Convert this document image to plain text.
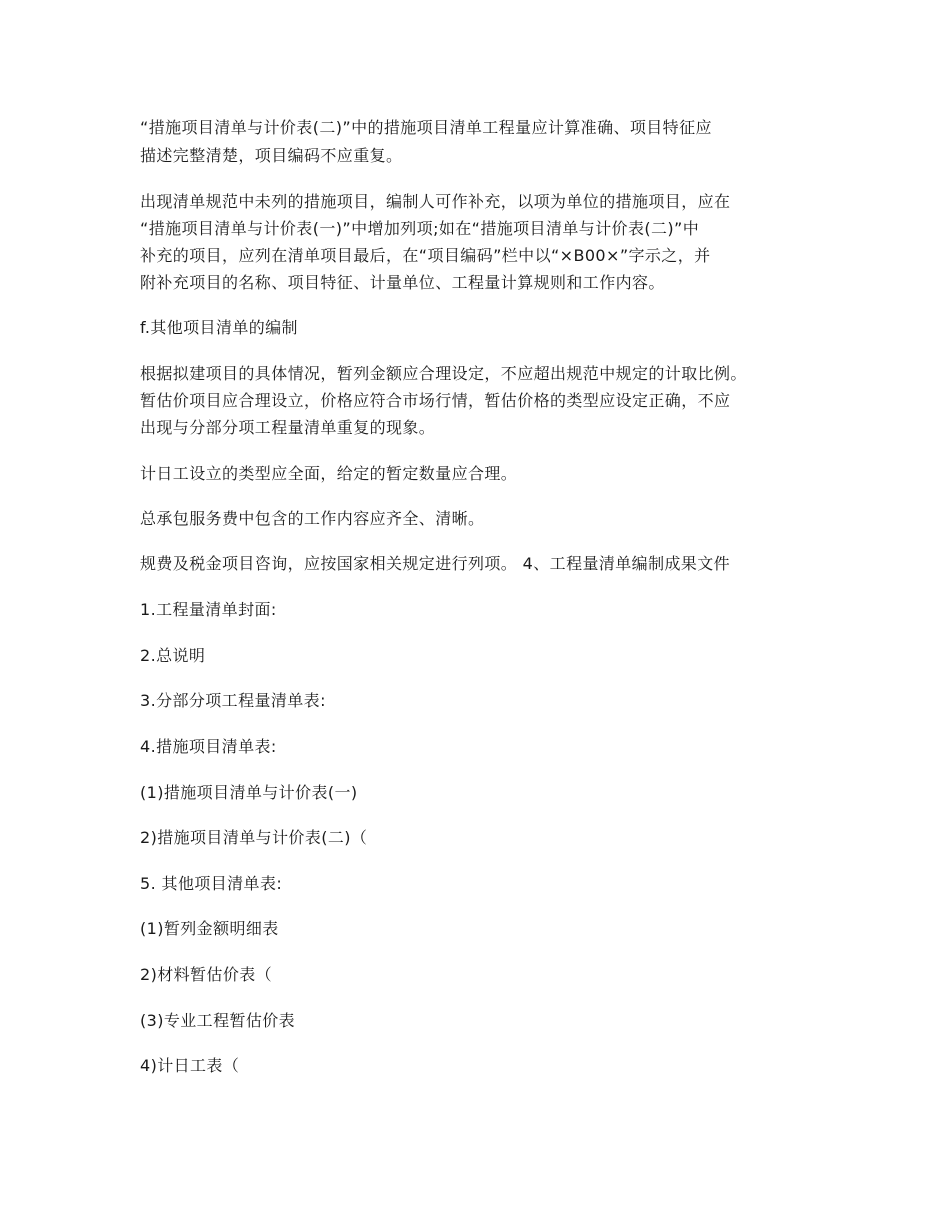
“措施项目清单与计价表(二)”中的措施项目清单工程量应计算准确、项目特征应
描述完整清楚，项目编码不应重复。
出现清单规范中未列的措施项目，编制人可作补充，以项为单位的措施项目，应在
“措施项目清单与计价表(一)”中增加列项;如在“措施项目清单与计价表(二)”中
补充的项目，应列在清单项目最后，在“项目编码”栏中以“×B00×”字示之，并
附补充项目的名称、项目特征、计量单位、工程量计算规则和工作内容。
f.其他项目清单的编制
根据拟建项目的具体情况，暂列金额应合理设定，不应超出规范中规定的计取比例。
暂估价项目应合理设立，价格应符合市场行情，暂估价格的类型应设定正确，不应
出现与分部分项工程量清单重复的现象。
计日工设立的类型应全面，给定的暂定数量应合理。
总承包服务费中包含的工作内容应齐全、清晰。
规费及税金项目咨询，应按国家相关规定进行列项。 4、工程量清单编制成果文件
1.工程量清单封面:
2.总说明
3.分部分项工程量清单表:
4.措施项目清单表:
(1)措施项目清单与计价表(一)
2)措施项目清单与计价表(二)（
5. 其他项目清单表:
(1)暂列金额明细表
2)材料暂估价表（
(3)专业工程暂估价表
4)计日工表（
